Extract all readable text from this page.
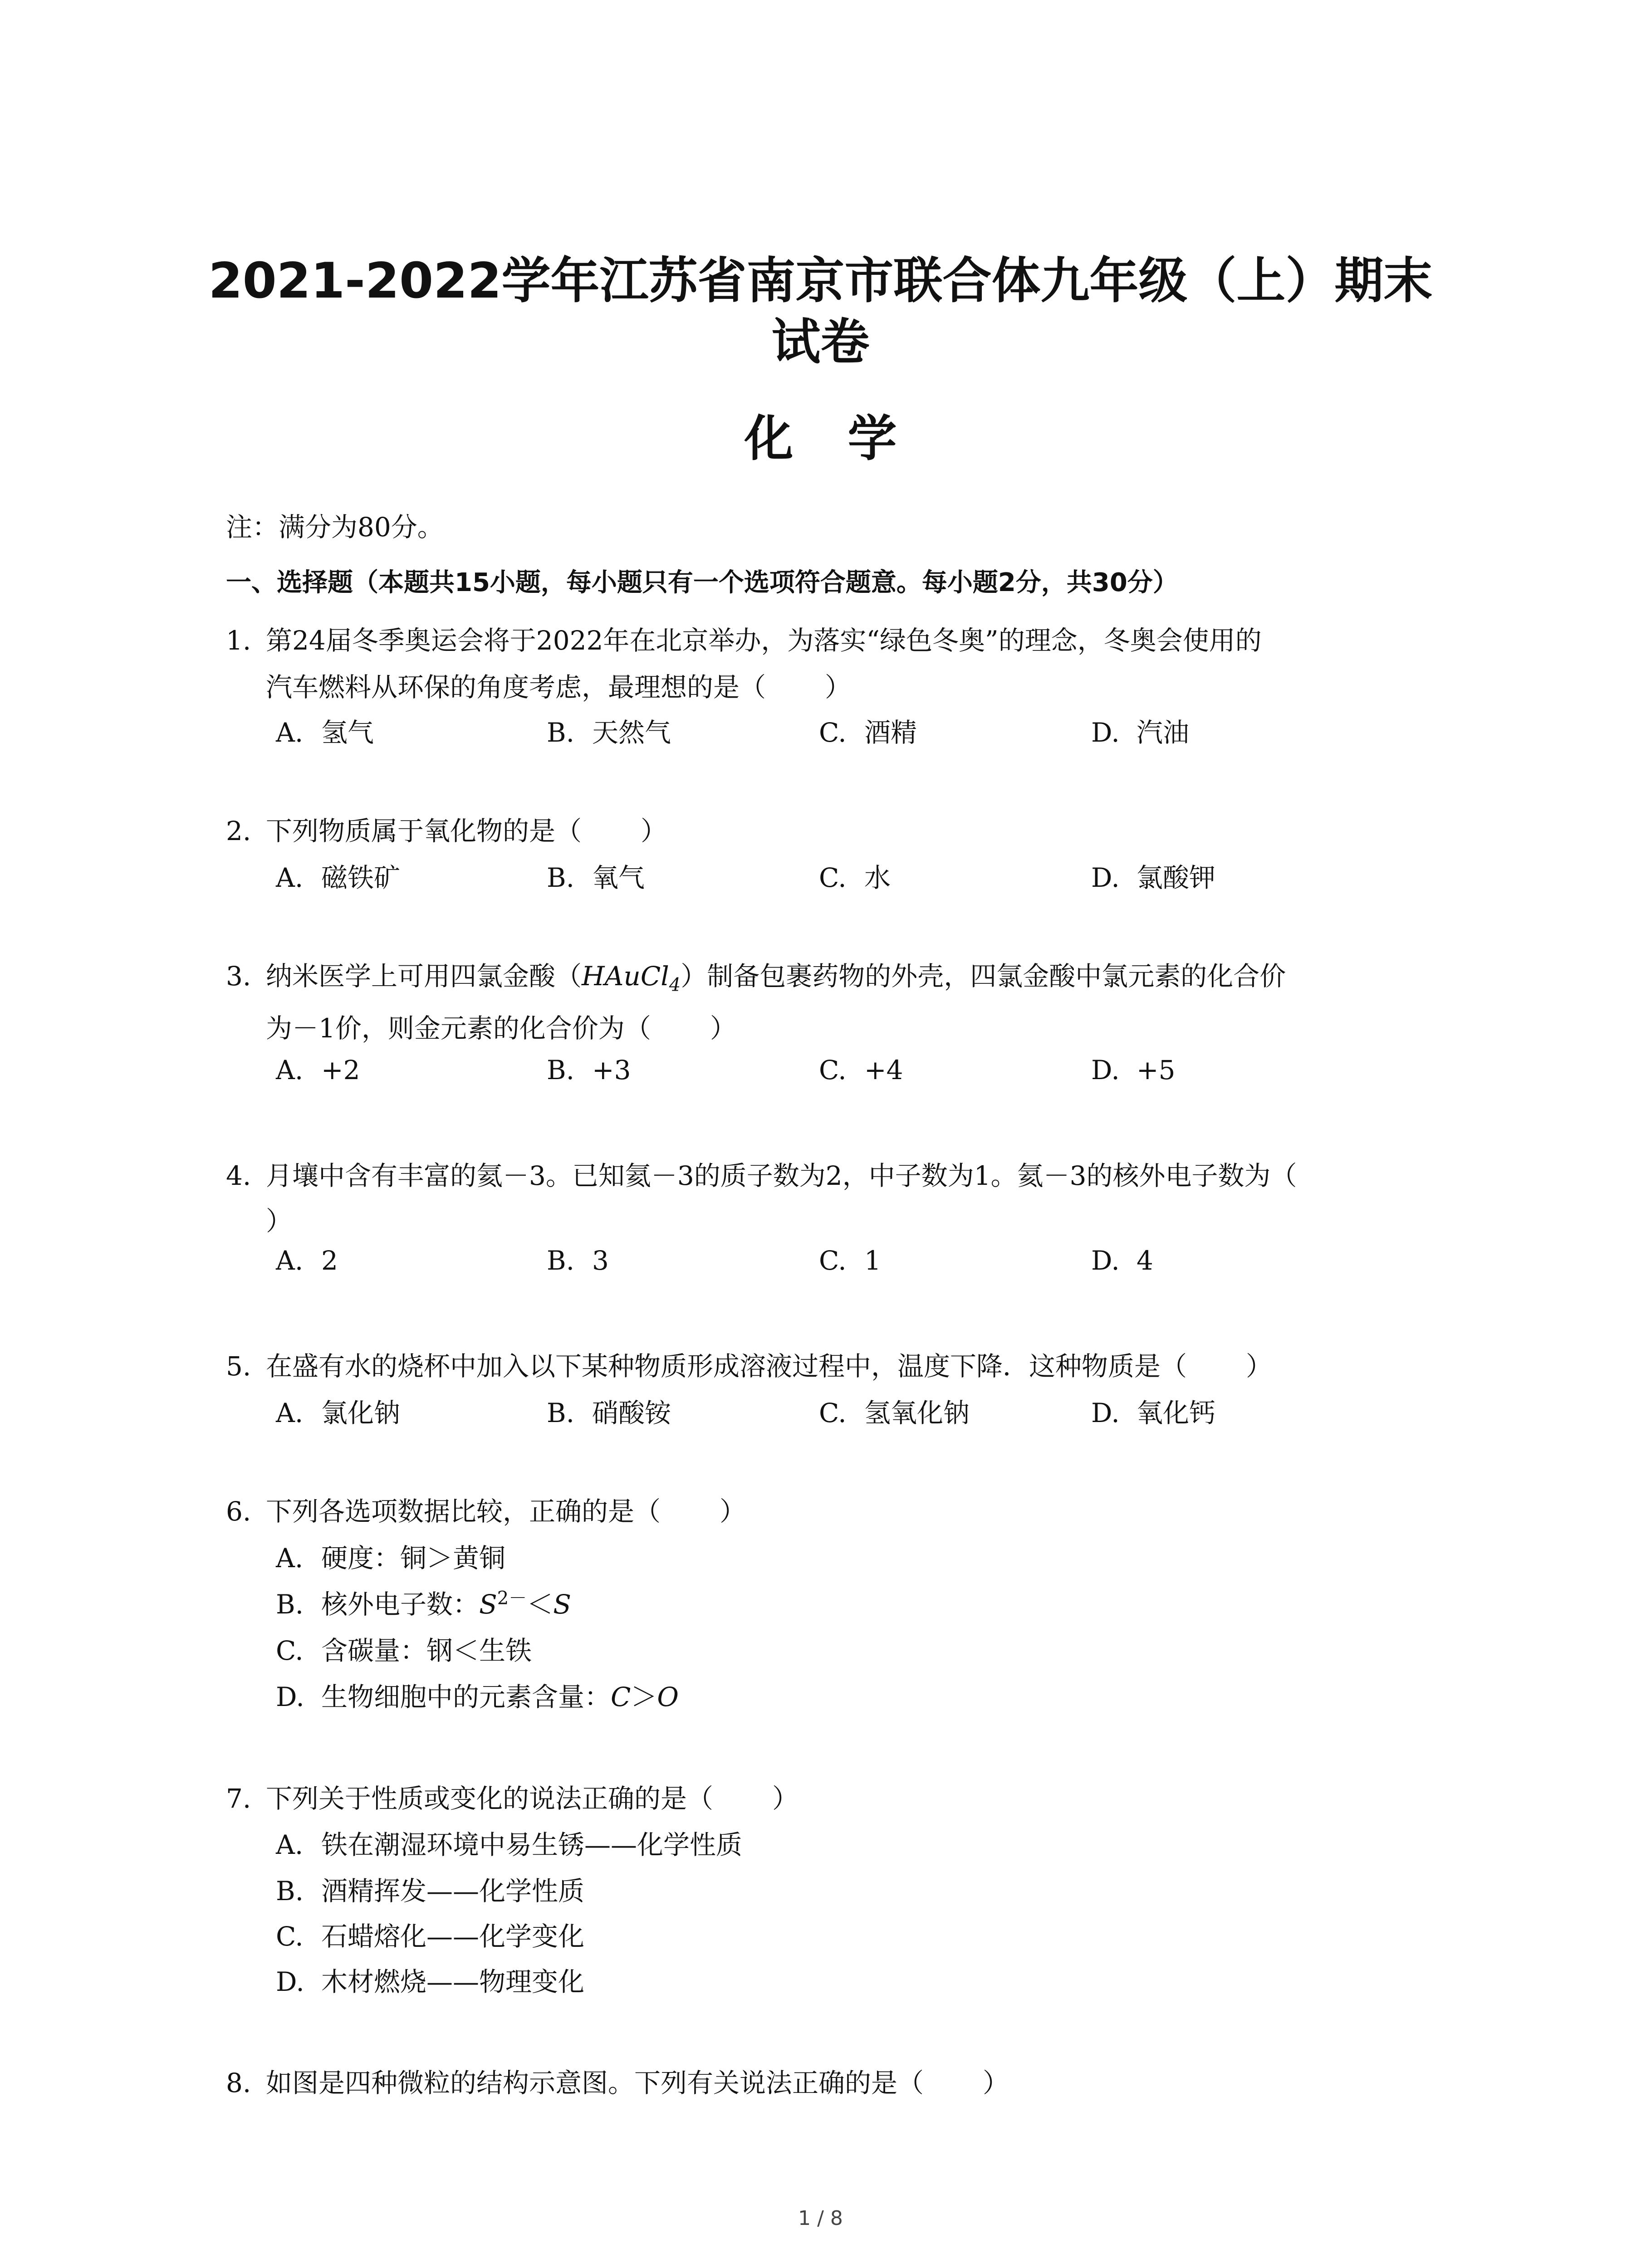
2021-2022学年江苏省南京市联合体九年级（上）期末
试卷
化学
注：满分为80分。
一、选择题（本题共15小题，每小题只有一个选项符合题意。每小题2分，共30分）
1. 第24届冬季奥运会将于2022年在北京举办，为落实“绿色冬奥”的理念，冬奥会使用的
汽车燃料从环保的角度考虑，最理想的是（ ）
A. 氢气	B. 天然气	C. 酒精	D. 汽油
2. 下列物质属于氧化物的是（ ）
A. 磁铁矿	B. 氧气	C. 水	D. 氯酸钾
3. 纳米医学上可用四氯金酸（HAuCl$_4$）制备包裹药物的外壳，四氯金酸中氯元素的化合价
为－1价，则金元素的化合价为（ ）
A. +2	B. +3	C. +4	D. +5
4. 月壤中含有丰富的氦－3。已知氦－3的质子数为2，中子数为1。氦－3的核外电子数为（
）
A. 2	B. 3	C. 1	D. 4
5. 在盛有水的烧杯中加入以下某种物质形成溶液过程中，温度下降．这种物质是（ ）
A. 氯化钠	B. 硝酸铵	C. 氢氧化钠	D. 氧化钙
6. 下列各选项数据比较，正确的是（ ）
A. 硬度：铜＞黄铜
B. 核外电子数：$S^{2-}<S$
C. 含碳量：钢＜生铁
D. 生物细胞中的元素含量：C＞O
7. 下列关于性质或变化的说法正确的是（ ）
A. 铁在潮湿环境中易生锈——化学性质
B. 酒精挥发——化学性质
C. 石蜡熔化——化学变化
D. 木材燃烧——物理变化
8. 如图是四种微粒的结构示意图。下列有关说法正确的是（ ）
1 / 8
